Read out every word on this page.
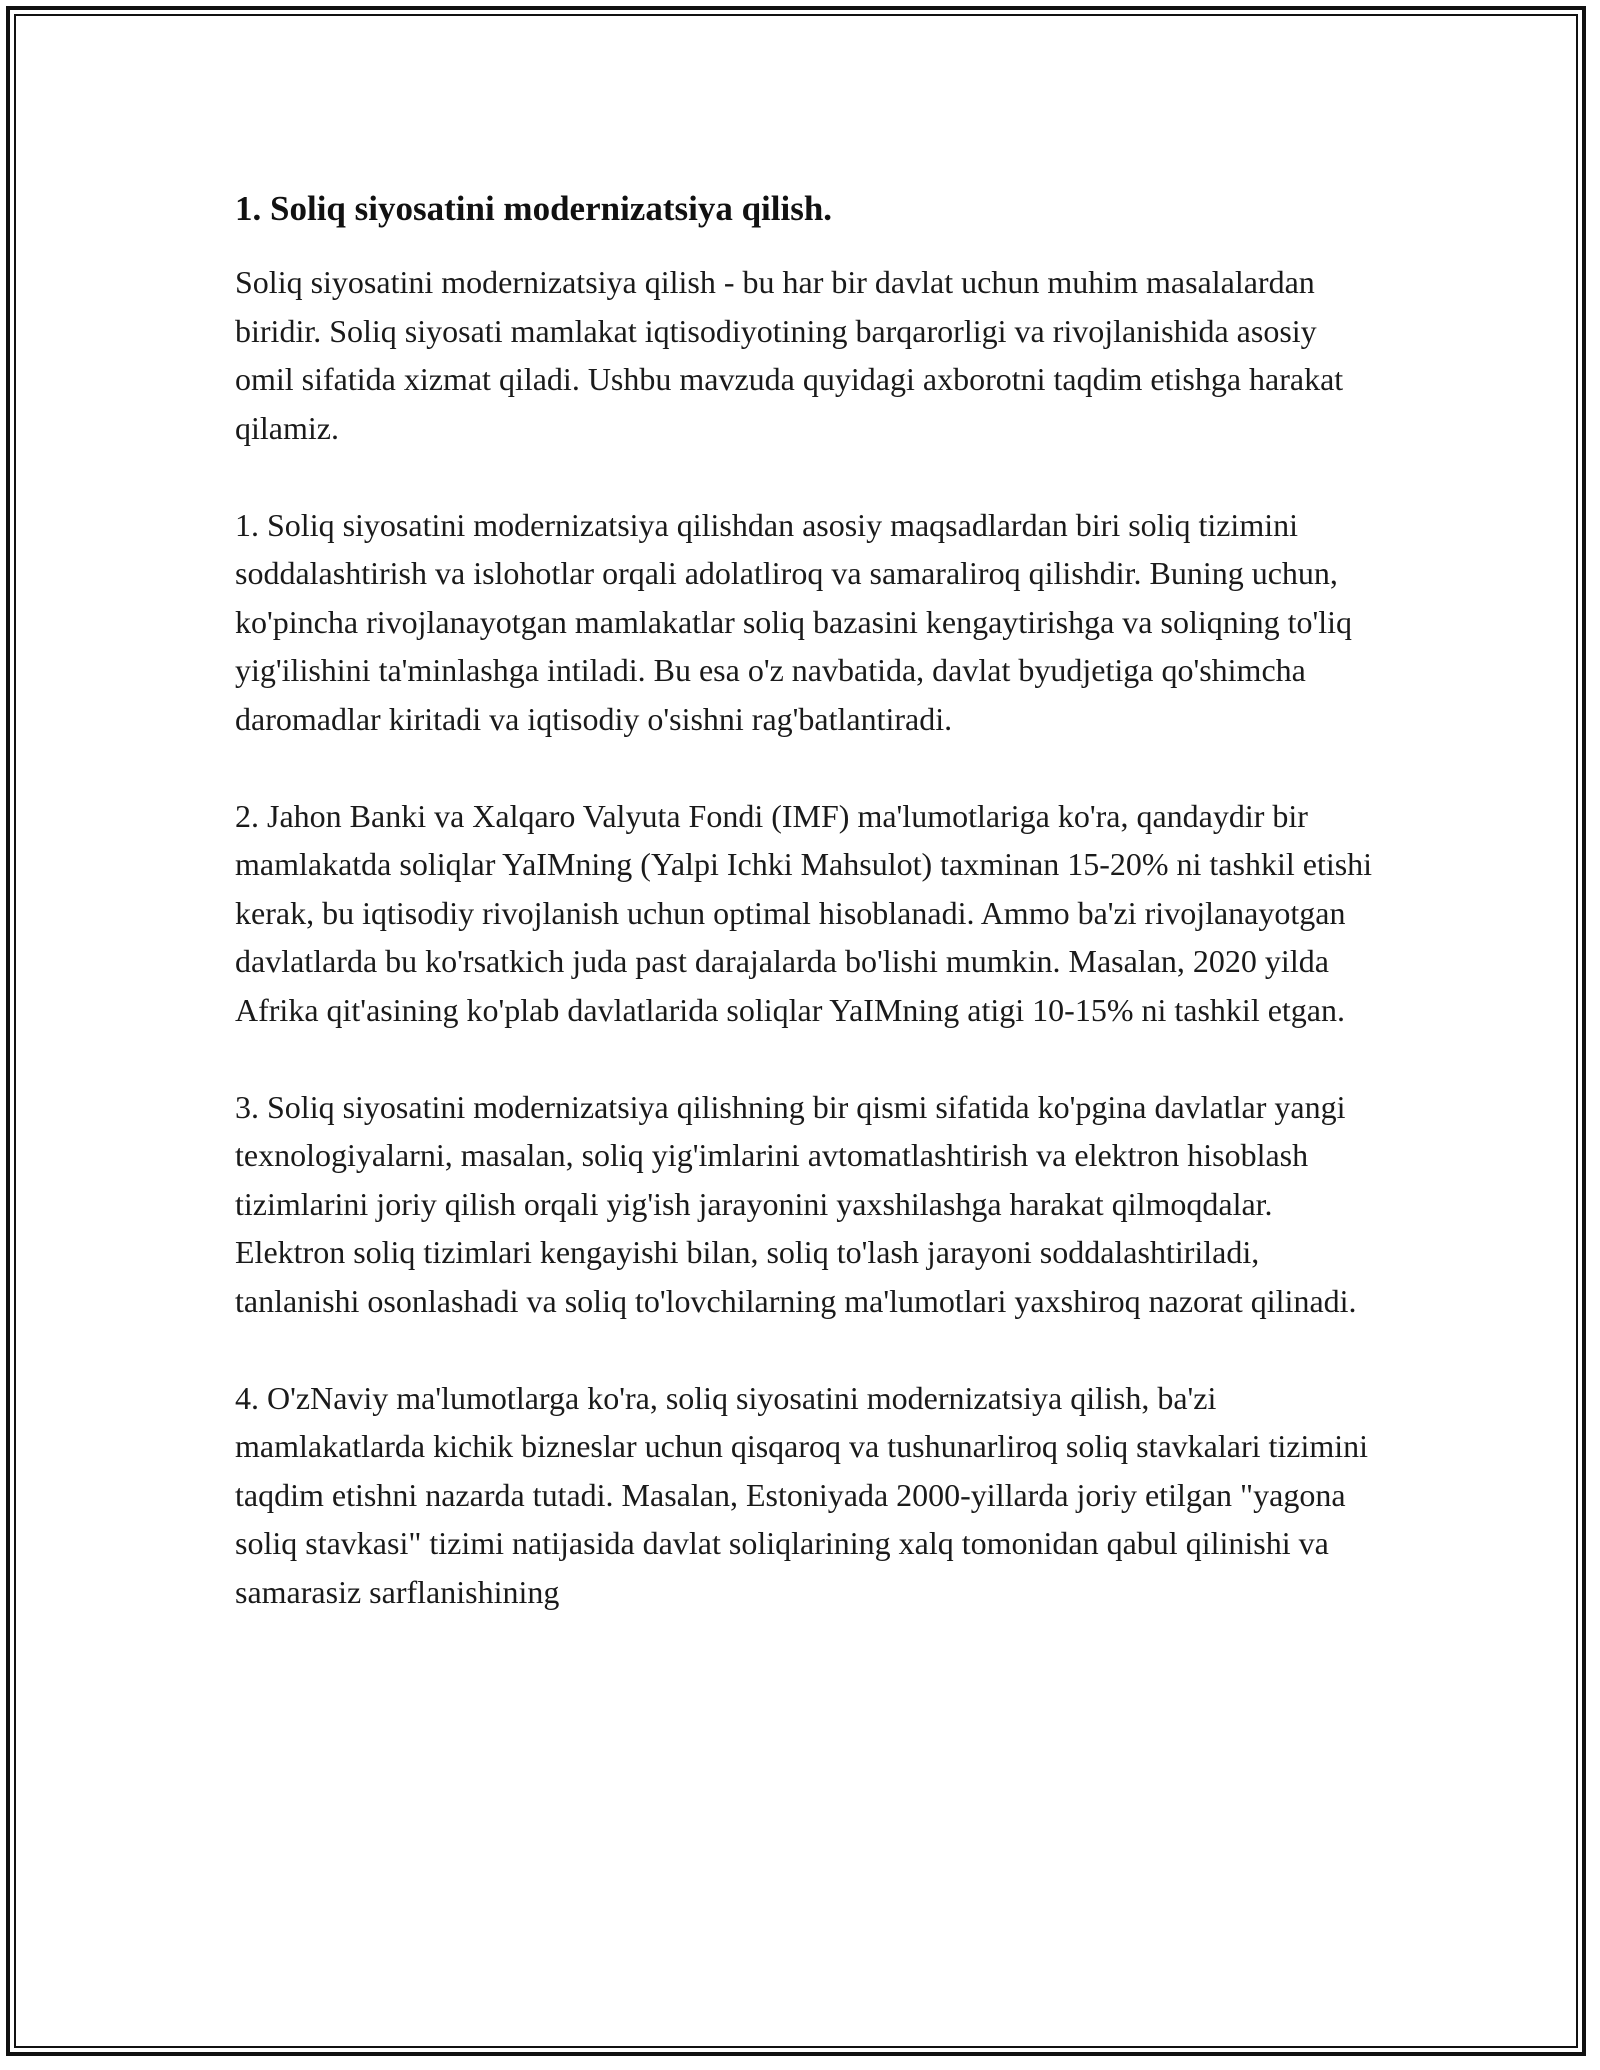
1. Soliq siyosatini modernizatsiya qilish.

Soliq siyosatini modernizatsiya qilish - bu har bir davlat uchun muhim masalalardan biridir. Soliq siyosati mamlakat iqtisodiyotining barqarorligi va rivojlanishida asosiy omil sifatida xizmat qiladi. Ushbu mavzuda quyidagi axborotni taqdim etishga harakat qilamiz.

1. Soliq siyosatini modernizatsiya qilishdan asosiy maqsadlardan biri soliq tizimini soddalashtirish va islohotlar orqali adolatliroq va samaraliroq qilishdir. Buning uchun, ko'pincha rivojlanayotgan mamlakatlar soliq bazasini kengaytirishga va soliqning to'liq yig'ilishini ta'minlashga intiladi. Bu esa o'z navbatida, davlat byudjetiga qo'shimcha daromadlar kiritadi va iqtisodiy o'sishni rag'batlantiradi.

2. Jahon Banki va Xalqaro Valyuta Fondi (IMF) ma'lumotlariga ko'ra, qandaydir bir mamlakatda soliqlar YaIMning (Yalpi Ichki Mahsulot) taxminan 15-20% ni tashkil etishi kerak, bu iqtisodiy rivojlanish uchun optimal hisoblanadi. Ammo ba'zi rivojlanayotgan davlatlarda bu ko'rsatkich juda past darajalarda bo'lishi mumkin. Masalan, 2020 yilda Afrika qit'asining ko'plab davlatlarida soliqlar YaIMning atigi 10-15% ni tashkil etgan.

3. Soliq siyosatini modernizatsiya qilishning bir qismi sifatida ko'pgina davlatlar yangi texnologiyalarni, masalan, soliq yig'imlarini avtomatlashtirish va elektron hisoblash tizimlarini joriy qilish orqali yig'ish jarayonini yaxshilashga harakat qilmoqdalar. Elektron soliq tizimlari kengayishi bilan, soliq to'lash jarayoni soddalashtiriladi, tanlanishi osonlashadi va soliq to'lovchilarning ma'lumotlari yaxshiroq nazorat qilinadi.

4. O'zNaviy ma'lumotlarga ko'ra, soliq siyosatini modernizatsiya qilish, ba'zi mamlakatlarda kichik bizneslar uchun qisqaroq va tushunarliroq soliq stavkalari tizimini taqdim etishni nazarda tutadi. Masalan, Estoniyada 2000-yillarda joriy etilgan "yagona soliq stavkasi" tizimi natijasida davlat soliqlarining xalq tomonidan qabul qilinishi va samarasiz sarflanishining
